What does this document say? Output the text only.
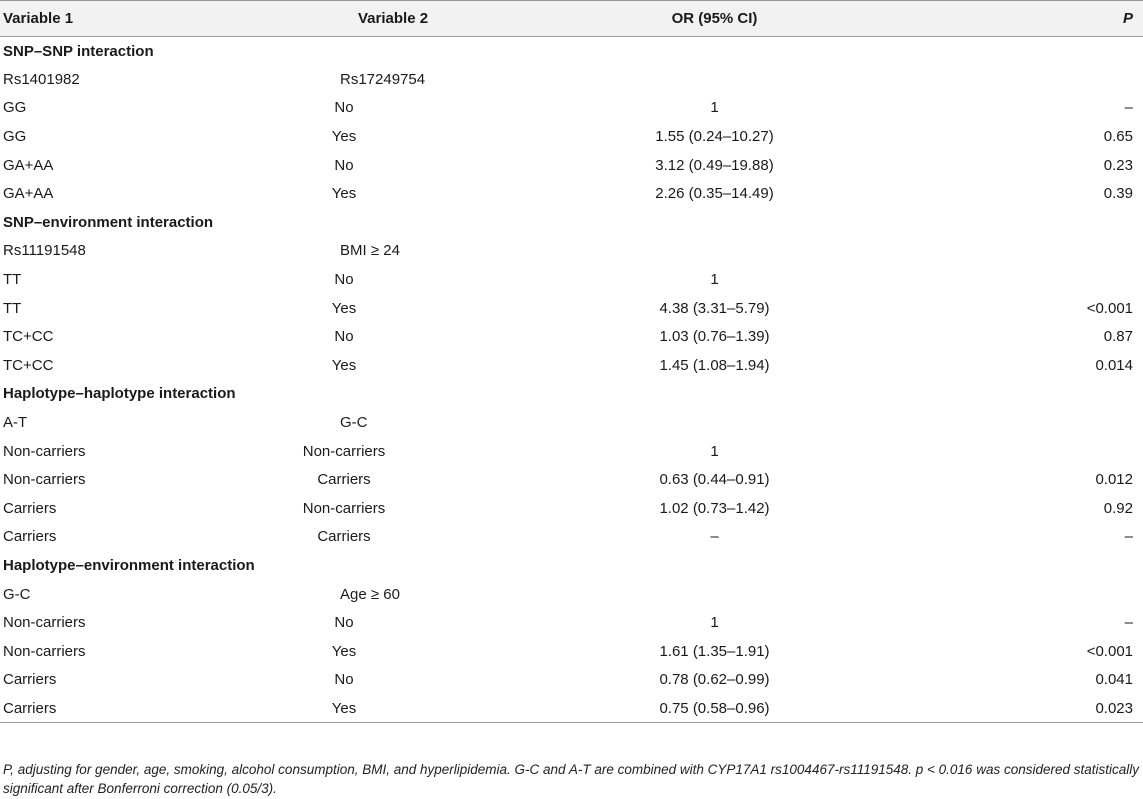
Variable 1	Variable 2	OR (95% CI)	P
SNP–SNP interaction			
Rs1401982	Rs17249754		
GG	No	1	–
GG	Yes	1.55 (0.24–10.27)	0.65
GA+AA	No	3.12 (0.49–19.88)	0.23
GA+AA	Yes	2.26 (0.35–14.49)	0.39
SNP–environment interaction			
Rs11191548	BMI ≥ 24		
TT	No	1	
TT	Yes	4.38 (3.31–5.79)	<0.001
TC+CC	No	1.03 (0.76–1.39)	0.87
TC+CC	Yes	1.45 (1.08–1.94)	0.014
Haplotype–haplotype interaction			
A-T	G-C		
Non-carriers	Non-carriers	1	
Non-carriers	Carriers	0.63 (0.44–0.91)	0.012
Carriers	Non-carriers	1.02 (0.73–1.42)	0.92
Carriers	Carriers	–	–
Haplotype–environment interaction			
G-C	Age ≥ 60		
Non-carriers	No	1	–
Non-carriers	Yes	1.61 (1.35–1.91)	<0.001
Carriers	No	0.78 (0.62–0.99)	0.041
Carriers	Yes	0.75 (0.58–0.96)	0.023
P, adjusting for gender, age, smoking, alcohol consumption, BMI, and hyperlipidemia. G-C and A-T are combined with CYP17A1 rs1004467-rs11191548. p < 0.016 was considered statistically significant after Bonferroni correction (0.05/3).
